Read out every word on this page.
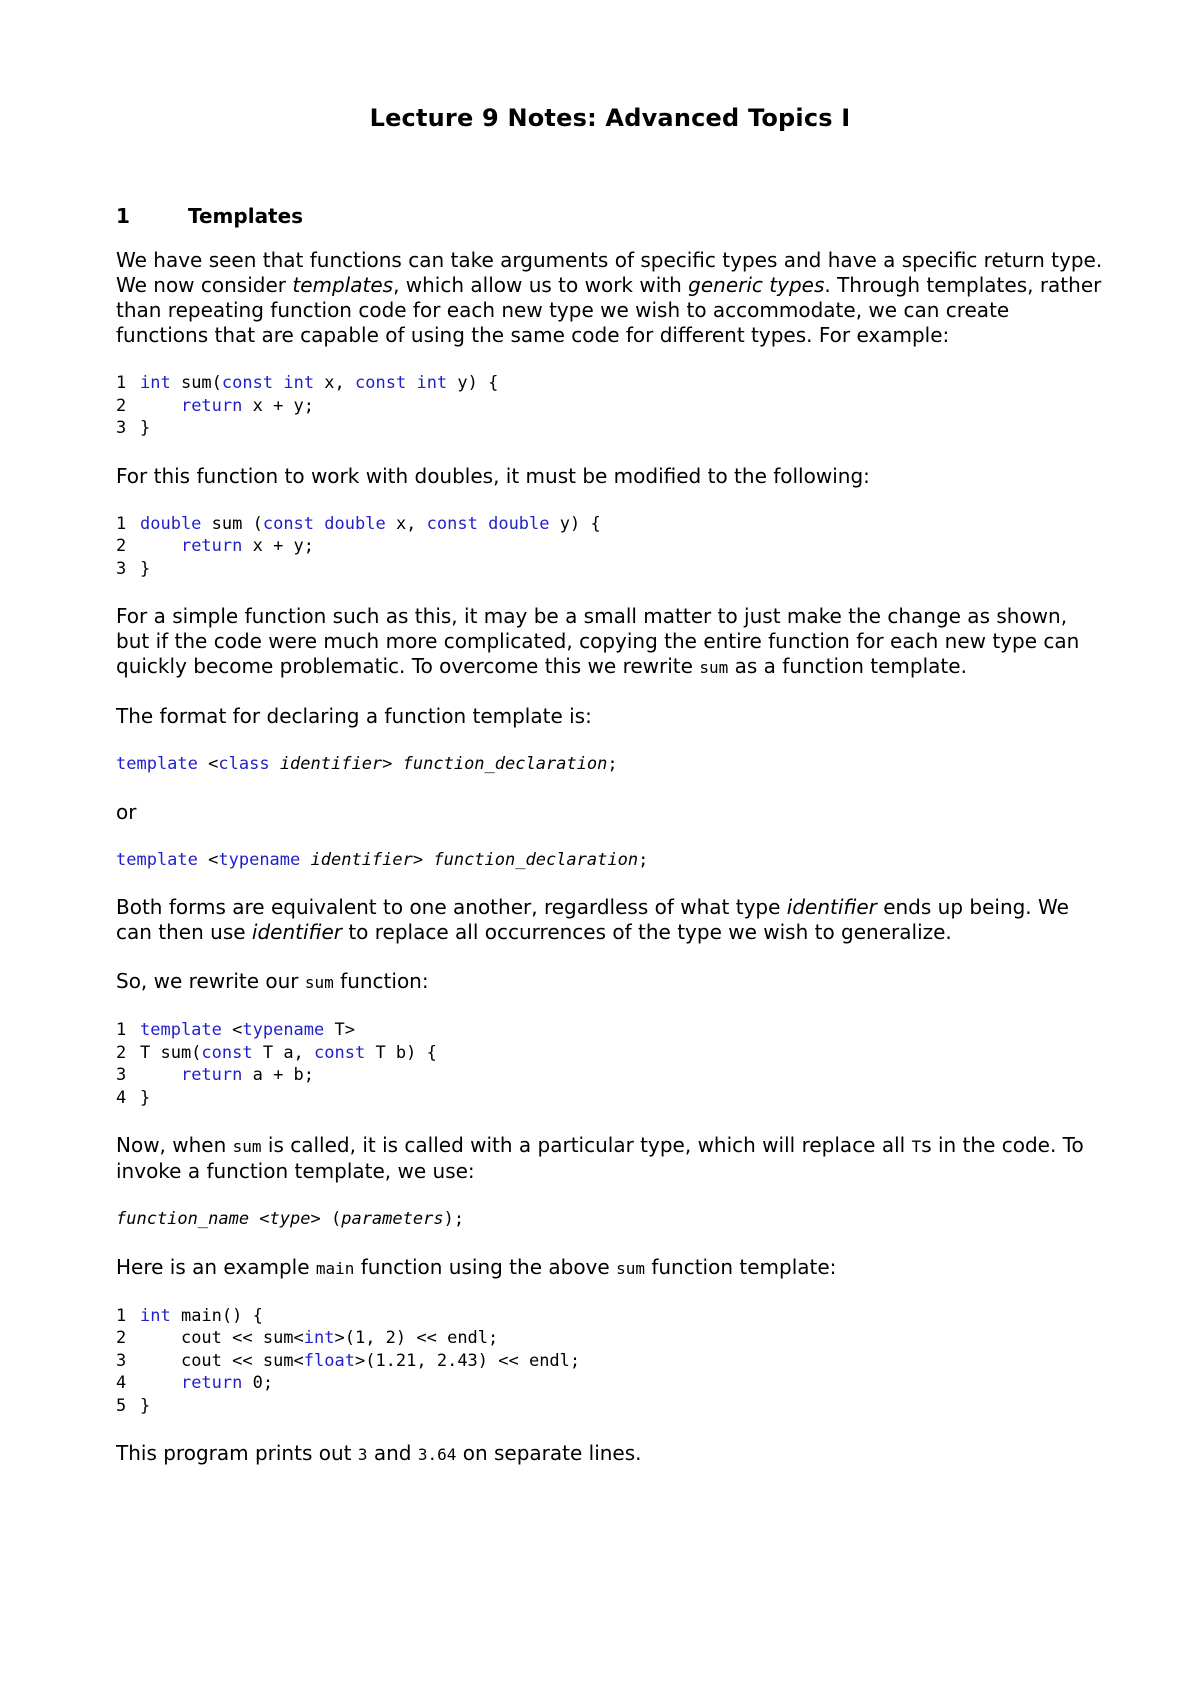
Lecture 9 Notes: Advanced Topics I
1	Templates

We have seen that functions can take arguments of specific types and have a specific return type. We now consider templates, which allow us to work with generic types. Through templates, rather than repeating function code for each new type we wish to accommodate, we can create functions that are capable of using the same code for different types. For example:

1 int sum(const int x, const int y) {
2	return x + y;
3 }

For this function to work with doubles, it must be modified to the following:

1 double sum (const double x, const double y) {
2	return x + y;
3 }

For a simple function such as this, it may be a small matter to just make the change as shown, but if the code were much more complicated, copying the entire function for each new type can quickly become problematic. To overcome this we rewrite sum as a function template.

The format for declaring a function template is:

template <class identifier> function_declaration;

or

template <typename identifier> function_declaration;

Both forms are equivalent to one another, regardless of what type identifier ends up being. We can then use identifier to replace all occurrences of the type we wish to generalize.

So, we rewrite our sum function:

1 template <typename T>
2 T sum(const T a, const T b) {
3	return a + b;
4 }

Now, when sum is called, it is called with a particular type, which will replace all Ts in the code. To invoke a function template, we use:

function_name <type> (parameters);

Here is an example main function using the above sum function template:

1 int main() {
2	cout << sum<int>(1, 2) << endl;
3	cout << sum<float>(1.21, 2.43) << endl;
4	return 0;
5 }

This program prints out 3 and 3.64 on separate lines.
